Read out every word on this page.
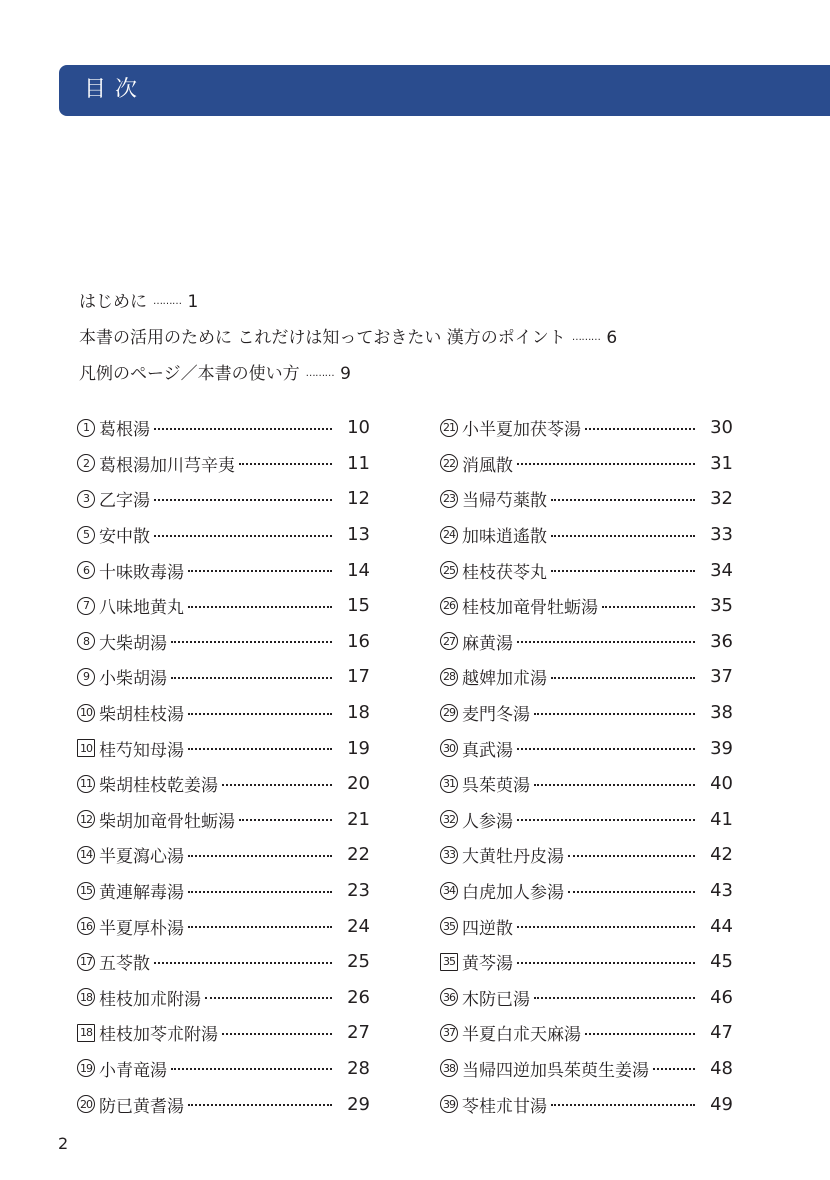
目次
はじめに ……… 1
本書の活用のために これだけは知っておきたい 漢方のポイント ……… 6
凡例のページ／本書の使い方 ……… 9
1 葛根湯	10
2 葛根湯加川芎辛夷	11
3 乙字湯	12
5 安中散	13
6 十味敗毒湯	14
7 八味地黄丸	15
8 大柴胡湯	16
9 小柴胡湯	17
10 柴胡桂枝湯	18
10 桂芍知母湯	19
11 柴胡桂枝乾姜湯	20
12 柴胡加竜骨牡蛎湯	21
14 半夏瀉心湯	22
15 黄連解毒湯	23
16 半夏厚朴湯	24
17 五苓散	25
18 桂枝加朮附湯	26
18 桂枝加苓朮附湯	27
19 小青竜湯	28
20 防已黄耆湯	29
21 小半夏加茯苓湯	30
22 消風散	31
23 当帰芍薬散	32
24 加味逍遙散	33
25 桂枝茯苓丸	34
26 桂枝加竜骨牡蛎湯	35
27 麻黄湯	36
28 越婢加朮湯	37
29 麦門冬湯	38
30 真武湯	39
31 呉茱萸湯	40
32 人参湯	41
33 大黄牡丹皮湯	42
34 白虎加人参湯	43
35 四逆散	44
35 黄芩湯	45
36 木防已湯	46
37 半夏白朮天麻湯	47
38 当帰四逆加呉茱萸生姜湯	48
39 苓桂朮甘湯	49
2
